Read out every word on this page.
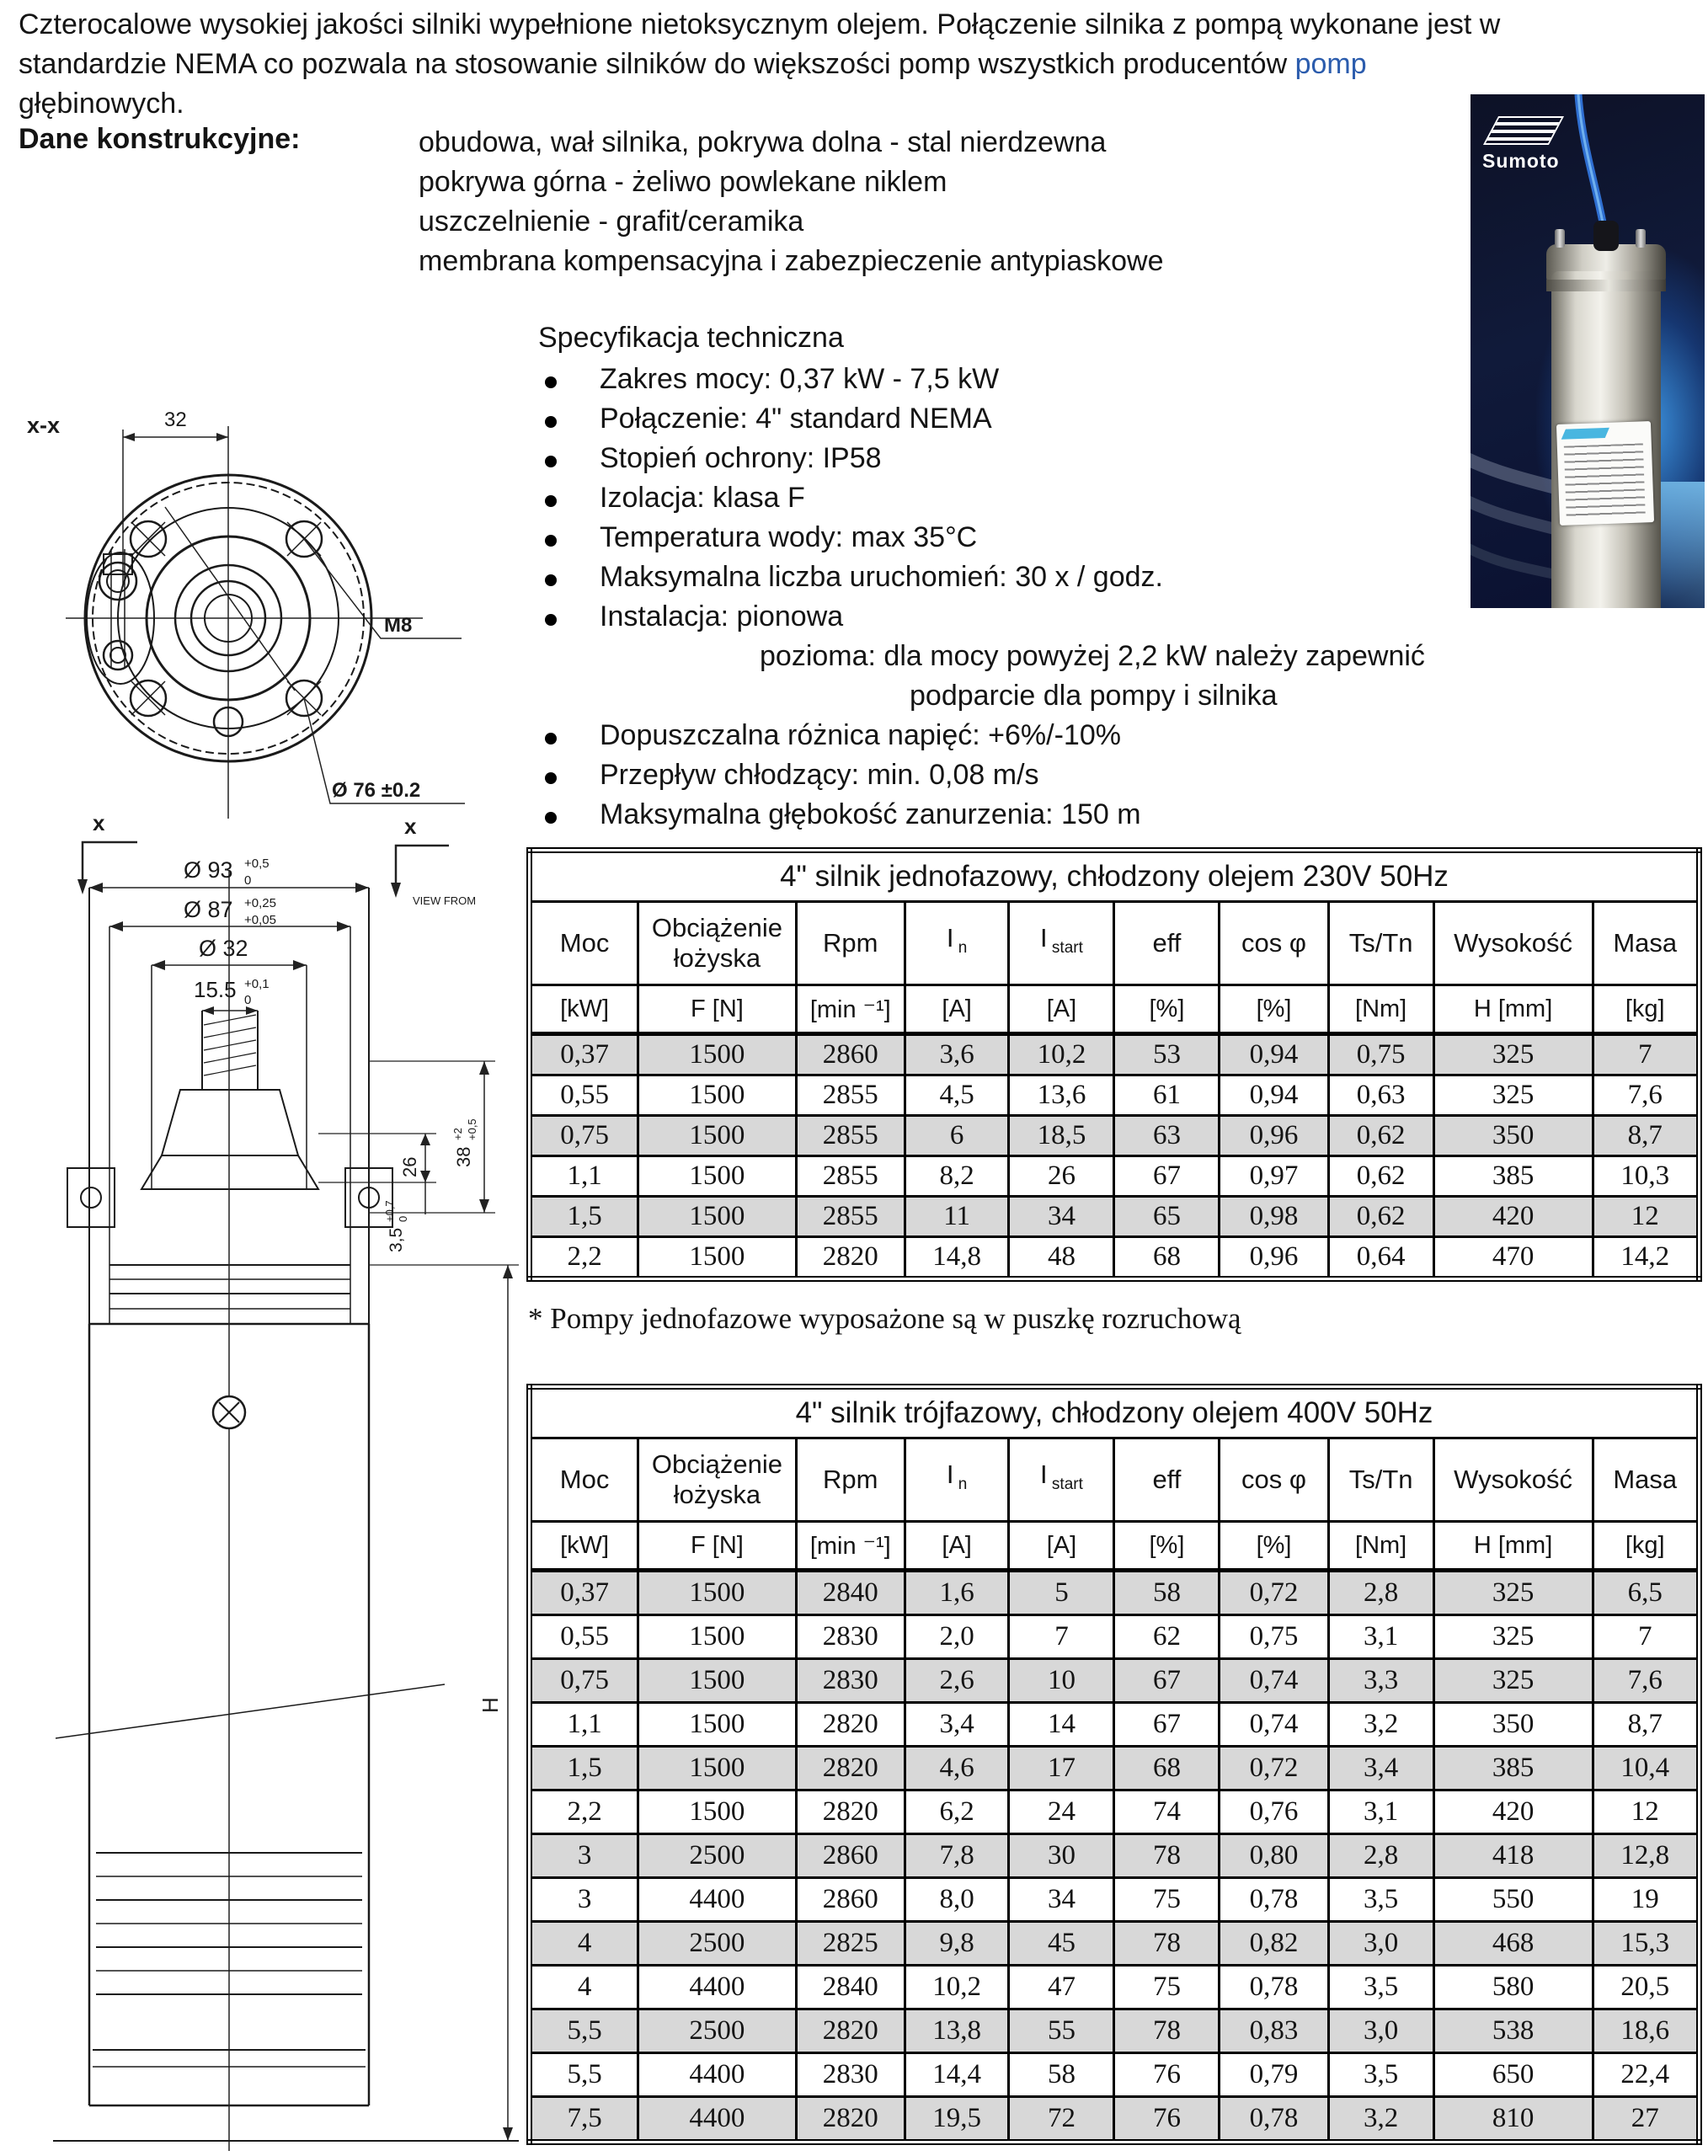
Czterocalowe wysokiej jakości silniki wypełnione nietoksycznym olejem. Połączenie silnika z pompą wykonane jest w
standardzie NEMA co pozwala na stosowanie silników do większości pomp wszystkich producentów pomp
głębinowych.
Dane konstrukcyjne:	obudowa, wał silnika, pokrywa dolna - stal nierdzewna
pokrywa górna - żeliwo powlekane niklem
uszczelnienie - grafit/ceramika
membrana kompensacyjna i zabezpieczenie antypiaskowe
Specyfikacja techniczna
Zakres mocy: 0,37 kW - 7,5 kW
Połączenie: 4" standard NEMA
Stopień ochrony: IP58
Izolacja: klasa F
Temperatura wody: max 35°C
Maksymalna liczba uruchomień: 30 x / godz.
Instalacja: pionowa
pozioma: dla mocy powyżej 2,2 kW należy zapewnić
podparcie dla pompy i silnika
Dopuszczalna różnica napięć: +6%/-10%
Przepływ chłodzący: min. 0,08 m/s
Maksymalna głębokość zanurzenia: 150 m
Sumoto
x-x	32
M8
Ø 76 ±0.2
x	x
VIEW FROM
Ø 93 +0,5
0
Ø 87 +0,25
+0,05
Ø 32
15.5 +0,1
0
38
+2 +0,5
26
3,5
+0,7 0
H
4" silnik jednofazowy, chłodzony olejem 230V 50Hz									
Moc	Obciążenie łożyska	Rpm	I $_n$	I $_{start}$	eff	cos φ	Ts/Tn	Wysokość	Masa
[kW]	F [N]	[min ⁻¹]	[A]	[A]	[%]	[%]	[Nm]	H [mm]	[kg]
0,37	1500	2860	3,6	10,2	53	0,94	0,75	325	7
0,55	1500	2855	4,5	13,6	61	0,94	0,63	325	7,6
0,75	1500	2855	6	18,5	63	0,96	0,62	350	8,7
1,1	1500	2855	8,2	26	67	0,97	0,62	385	10,3
1,5	1500	2855	11	34	65	0,98	0,62	420	12
2,2	1500	2820	14,8	48	68	0,96	0,64	470	14,2
* Pompy jednofazowe wyposażone są w puszkę rozruchową
4" silnik trójfazowy, chłodzony olejem 400V 50Hz									
Moc	Obciążenie łożyska	Rpm	I $_n$	I $_{start}$	eff	cos φ	Ts/Tn	Wysokość	Masa
[kW]	F [N]	[min ⁻¹]	[A]	[A]	[%]	[%]	[Nm]	H [mm]	[kg]
0,37	1500	2840	1,6	5	58	0,72	2,8	325	6,5
0,55	1500	2830	2,0	7	62	0,75	3,1	325	7
0,75	1500	2830	2,6	10	67	0,74	3,3	325	7,6
1,1	1500	2820	3,4	14	67	0,74	3,2	350	8,7
1,5	1500	2820	4,6	17	68	0,72	3,4	385	10,4
2,2	1500	2820	6,2	24	74	0,76	3,1	420	12
3	2500	2860	7,8	30	78	0,80	2,8	418	12,8
3	4400	2860	8,0	34	75	0,78	3,5	550	19
4	2500	2825	9,8	45	78	0,82	3,0	468	15,3
4	4400	2840	10,2	47	75	0,78	3,5	580	20,5
5,5	2500	2820	13,8	55	78	0,83	3,0	538	18,6
5,5	4400	2830	14,4	58	76	0,79	3,5	650	22,4
7,5	4400	2820	19,5	72	76	0,78	3,2	810	27
